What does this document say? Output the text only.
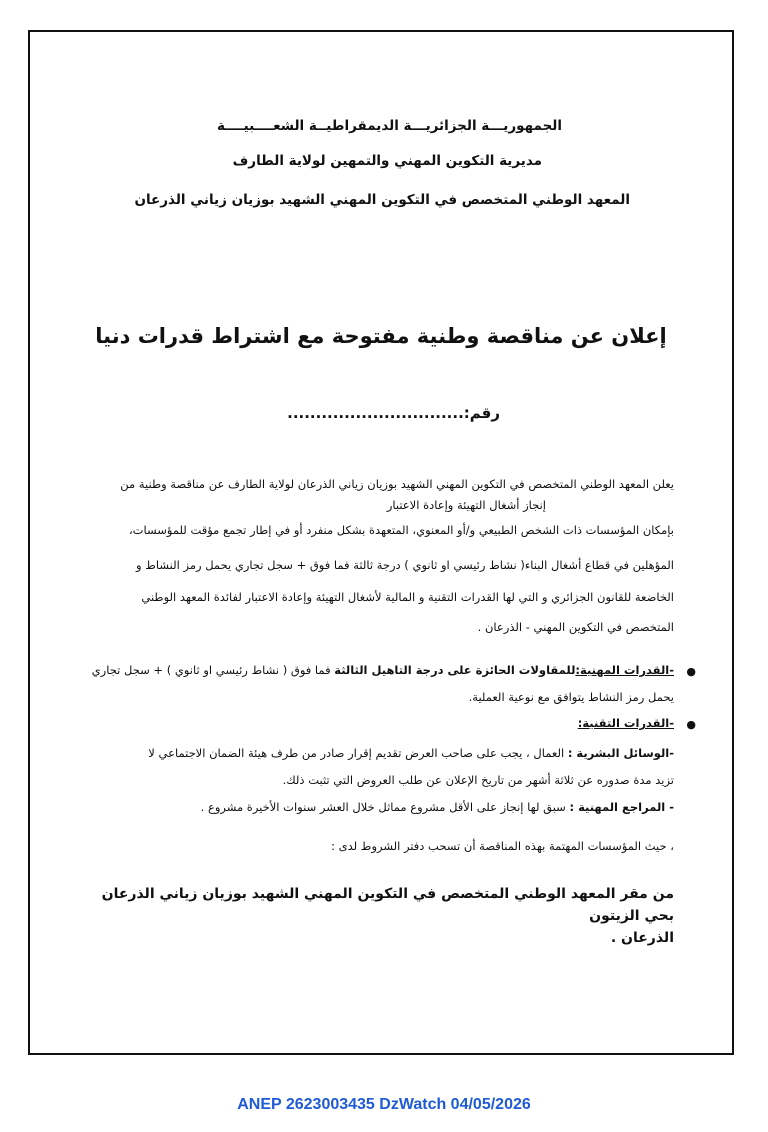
الجمهوريـــة الجزائريـــة الديمقراطيــة الشعــــبيــــة
مديرية التكوين المهني والتمهين لولاية الطارف
المعهد الوطني المتخصص في التكوين المهني الشهيد بوزيان زياني الذرعان
إعلان عن مناقصة وطنية مفتوحة مع اشتراط قدرات دنيا
رقم:...............................
يعلن المعهد الوطني المتخصص في التكوين المهني الشهيد بوزيان زياني الذرعان لولاية الطارف عن مناقصة وطنية من
إنجاز أشغال التهيئة وإعادة الاعتبار
بإمكان المؤسسات ذات الشخص الطبيعي و/أو المعنوي، المتعهدة بشكل منفرد أو في إطار تجمع مؤقت للمؤسسات،
المؤهلين في قطاع أشغال البناء( نشاط رئيسي او ثانوي ) درجة ثالثة فما فوق + سجل تجاري يحمل رمز النشاط و
الخاضعة للقانون الجزائري و التي لها القدرات التقنية و المالية لأشغال التهيئة وإعادة الاعتبار لفائدة المعهد الوطني
المتخصص في التكوين المهني - الذرعان .
●
-القدرات المهنية:للمقاولات الحائزة على درجة التاهيل الثالثة فما فوق ( نشاط رئيسي او ثانوي ) + سجل تجاري
يحمل رمز النشاط يتوافق مع نوعية العملية.
●
-القدرات التقنية:
-الوسائل البشرية : العمال ، يجب على صاحب العرض تقديم إقرار صادر من طرف هيئة الضمان الاجتماعي لا
تزيد مدة صدوره عن ثلاثة أشهر من تاريخ الإعلان عن طلب العروض التي تثبت ذلك.
- المراجع المهنية : سبق لها إنجاز على الأقل مشروع مماثل خلال العشر سنوات الأخيرة مشروع .
، حيث المؤسسات المهتمة بهذه المناقصة أن تسحب دفتر الشروط لدى :
من مقر المعهد الوطني المتخصص في التكوين المهني الشهيد بوزيان زياني الذرعان بحي الزيتون
الذرعان .
ANEP 2623003435 DzWatch 04/05/2026
